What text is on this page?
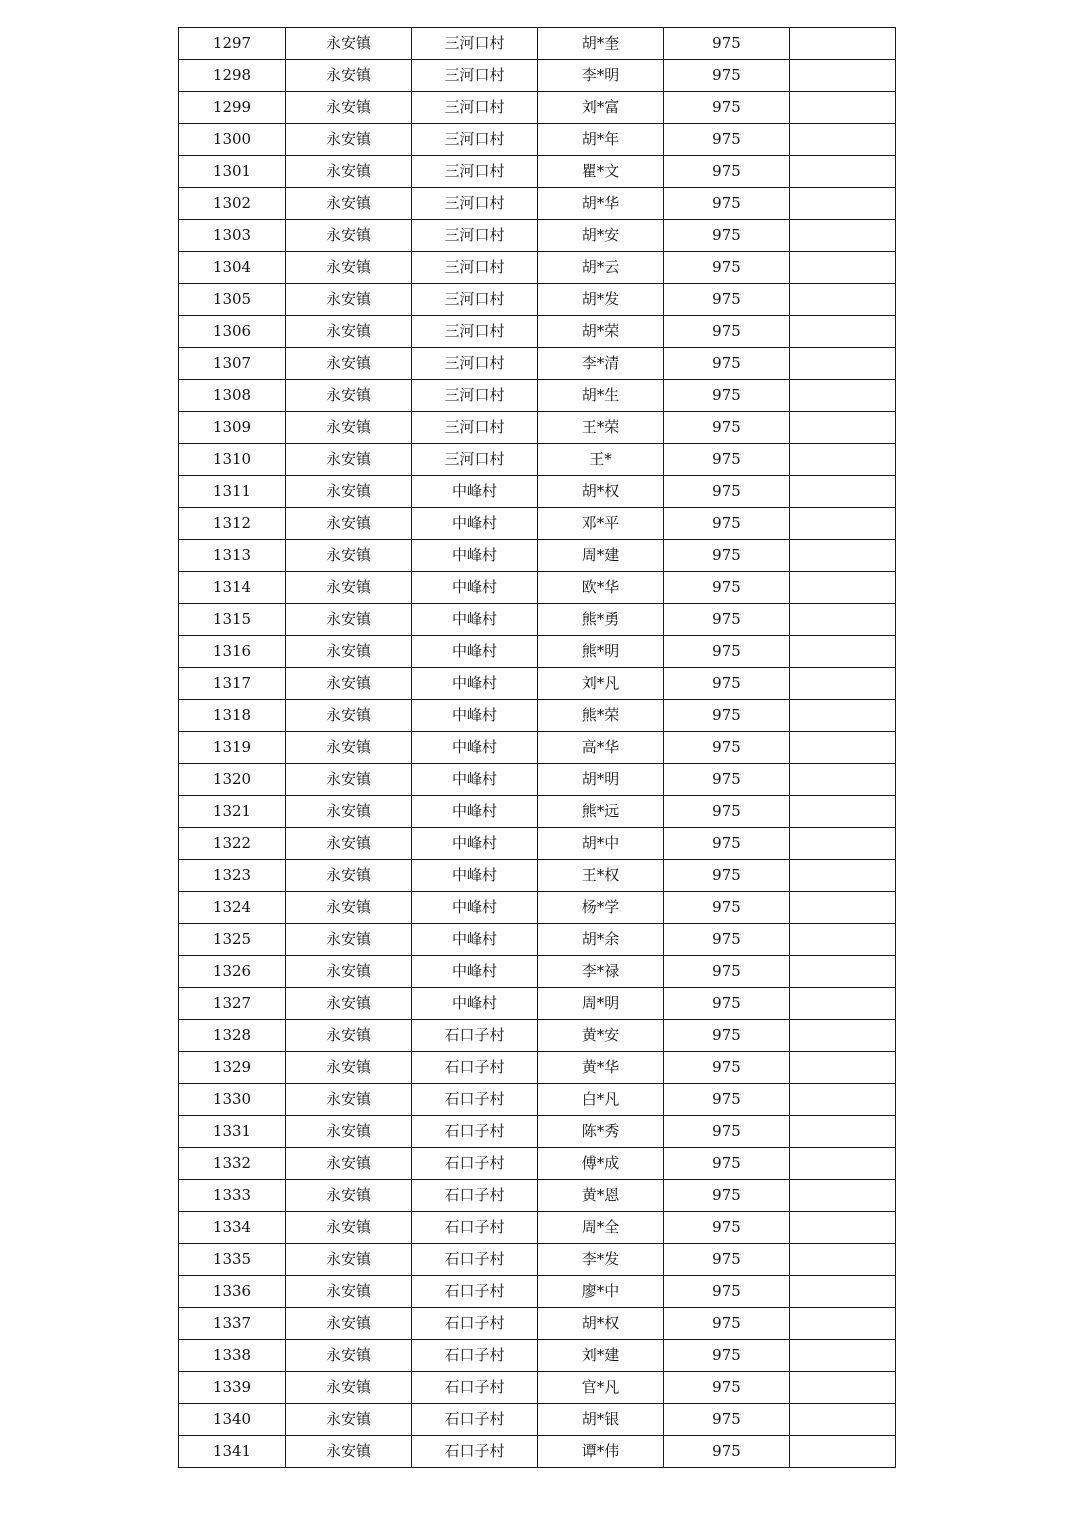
1297	永安镇	三河口村	胡*奎	975	
1298	永安镇	三河口村	李*明	975	
1299	永安镇	三河口村	刘*富	975	
1300	永安镇	三河口村	胡*年	975	
1301	永安镇	三河口村	瞿*文	975	
1302	永安镇	三河口村	胡*华	975	
1303	永安镇	三河口村	胡*安	975	
1304	永安镇	三河口村	胡*云	975	
1305	永安镇	三河口村	胡*发	975	
1306	永安镇	三河口村	胡*荣	975	
1307	永安镇	三河口村	李*清	975	
1308	永安镇	三河口村	胡*生	975	
1309	永安镇	三河口村	王*荣	975	
1310	永安镇	三河口村	王*	975	
1311	永安镇	中峰村	胡*权	975	
1312	永安镇	中峰村	邓*平	975	
1313	永安镇	中峰村	周*建	975	
1314	永安镇	中峰村	欧*华	975	
1315	永安镇	中峰村	熊*勇	975	
1316	永安镇	中峰村	熊*明	975	
1317	永安镇	中峰村	刘*凡	975	
1318	永安镇	中峰村	熊*荣	975	
1319	永安镇	中峰村	高*华	975	
1320	永安镇	中峰村	胡*明	975	
1321	永安镇	中峰村	熊*远	975	
1322	永安镇	中峰村	胡*中	975	
1323	永安镇	中峰村	王*权	975	
1324	永安镇	中峰村	杨*学	975	
1325	永安镇	中峰村	胡*余	975	
1326	永安镇	中峰村	李*禄	975	
1327	永安镇	中峰村	周*明	975	
1328	永安镇	石口子村	黄*安	975	
1329	永安镇	石口子村	黄*华	975	
1330	永安镇	石口子村	白*凡	975	
1331	永安镇	石口子村	陈*秀	975	
1332	永安镇	石口子村	傅*成	975	
1333	永安镇	石口子村	黄*恩	975	
1334	永安镇	石口子村	周*全	975	
1335	永安镇	石口子村	李*发	975	
1336	永安镇	石口子村	廖*中	975	
1337	永安镇	石口子村	胡*权	975	
1338	永安镇	石口子村	刘*建	975	
1339	永安镇	石口子村	官*凡	975	
1340	永安镇	石口子村	胡*银	975	
1341	永安镇	石口子村	谭*伟	975	
